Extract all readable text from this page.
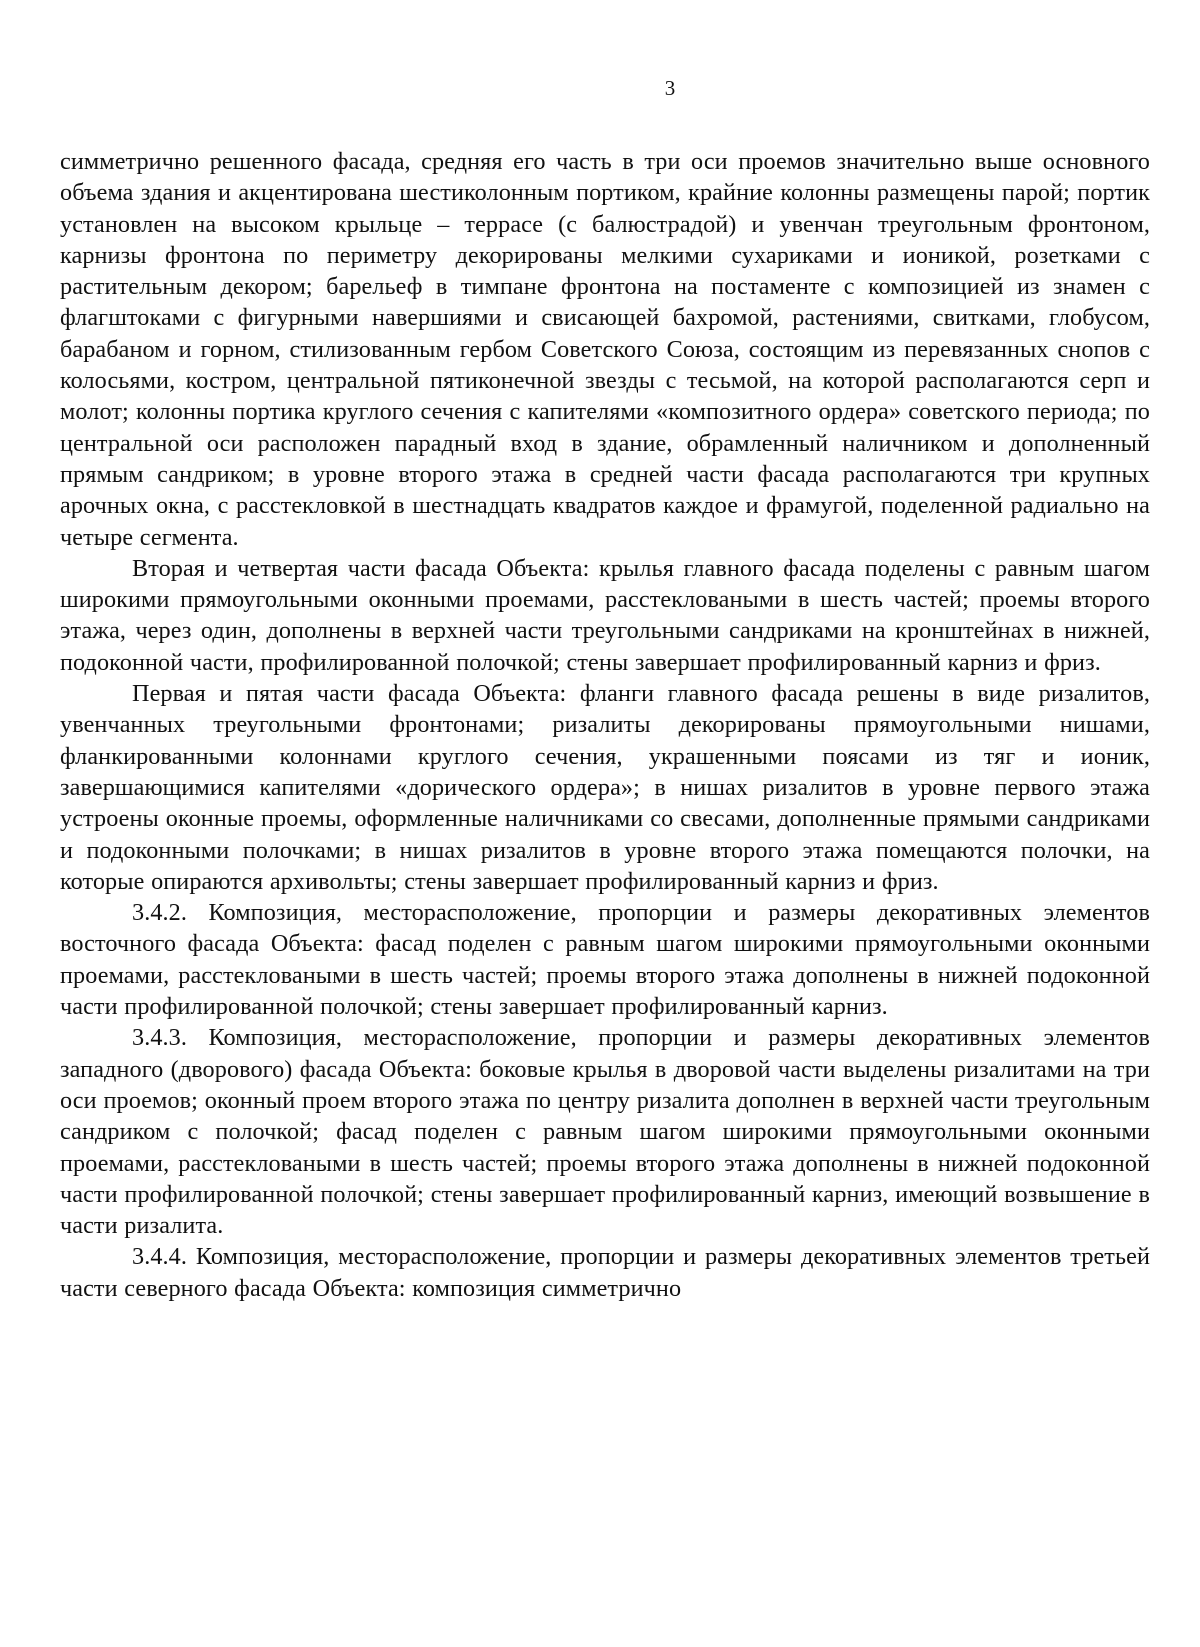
3

симметрично решенного фасада, средняя его часть в три оси проемов значительно выше основного объема здания и акцентирована шестиколонным портиком, крайние колонны размещены парой; портик установлен на высоком крыльце – террасе (с балюстрадой) и увенчан треугольным фронтоном, карнизы фронтона по периметру декорированы мелкими сухариками и ионикой, розетками с растительным декором; барельеф в тимпане фронтона на постаменте с композицией из знамен с флагштоками с фигурными навершиями и свисающей бахромой, растениями, свитками, глобусом, барабаном и горном, стилизованным гербом Советского Союза, состоящим из перевязанных снопов с колосьями, костром, центральной пятиконечной звезды с тесьмой, на которой располагаются серп и молот; колонны портика круглого сечения с капителями «композитного ордера» советского периода; по центральной оси расположен парадный вход в здание, обрамленный наличником и дополненный прямым сандриком; в уровне второго этажа в средней части фасада располагаются три крупных арочных окна, с расстекловкой в шестнадцать квадратов каждое и фрамугой, поделенной радиально на четыре сегмента.

Вторая и четвертая части фасада Объекта: крылья главного фасада поделены с равным шагом широкими прямоугольными оконными проемами, расстекловаными в шесть частей; проемы второго этажа, через один, дополнены в верхней части треугольными сандриками на кронштейнах в нижней, подоконной части, профилированной полочкой; стены завершает профилированный карниз и фриз.

Первая и пятая части фасада Объекта: фланги главного фасада решены в виде ризалитов, увенчанных треугольными фронтонами; ризалиты декорированы прямоугольными нишами, фланкированными колоннами круглого сечения, украшенными поясами из тяг и ионик, завершающимися капителями «дорического ордера»; в нишах ризалитов в уровне первого этажа устроены оконные проемы, оформленные наличниками со свесами, дополненные прямыми сандриками и подоконными полочками; в нишах ризалитов в уровне второго этажа помещаются полочки, на которые опираются архивольты; стены завершает профилированный карниз и фриз.

3.4.2. Композиция, месторасположение, пропорции и размеры декоративных элементов восточного фасада Объекта: фасад поделен с равным шагом широкими прямоугольными оконными проемами, расстекловаными в шесть частей; проемы второго этажа дополнены в нижней подоконной части профилированной полочкой; стены завершает профилированный карниз.

3.4.3. Композиция, месторасположение, пропорции и размеры декоративных элементов западного (дворового) фасада Объекта: боковые крылья в дворовой части выделены ризалитами на три оси проемов; оконный проем второго этажа по центру ризалита дополнен в верхней части треугольным сандриком с полочкой; фасад поделен с равным шагом широкими прямоугольными оконными проемами, расстекловаными в шесть частей; проемы второго этажа дополнены в нижней подоконной части профилированной полочкой; стены завершает профилированный карниз, имеющий возвышение в части ризалита.

3.4.4. Композиция, месторасположение, пропорции и размеры декоративных элементов третьей части северного фасада Объекта: композиция симметрично
